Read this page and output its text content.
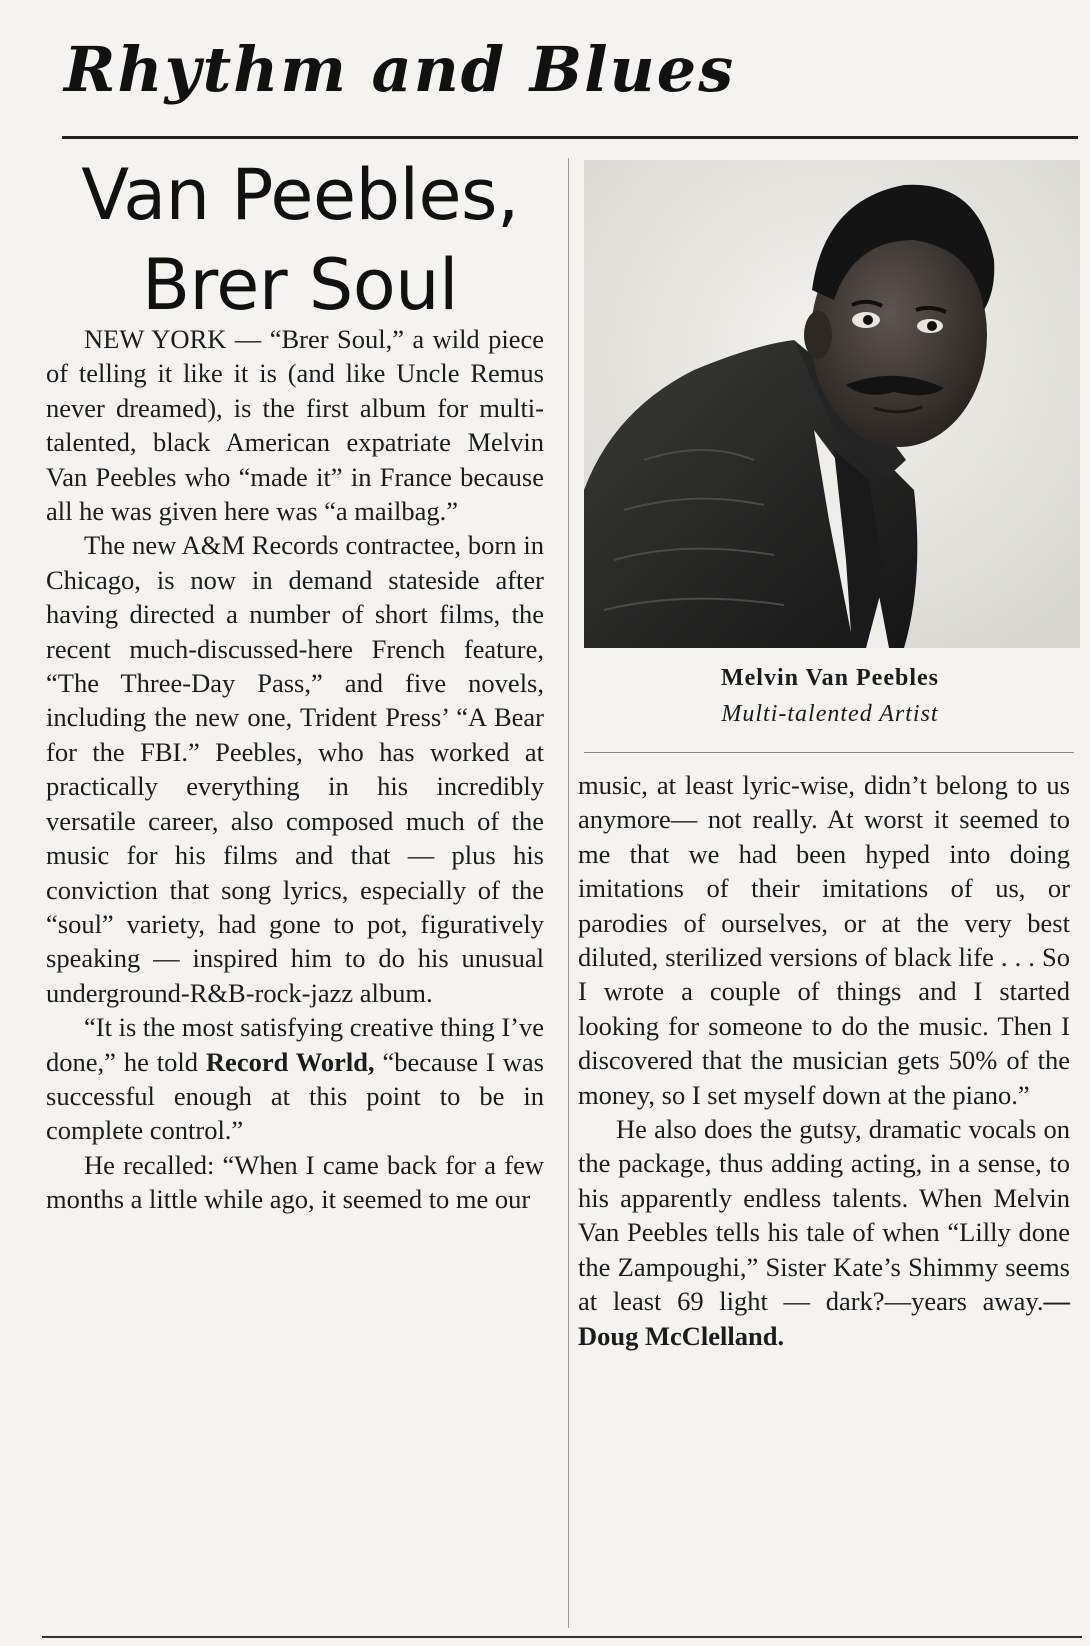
Rhythm and Blues
Van Peebles,
Brer Soul

NEW YORK — “Brer Soul,” a wild piece of telling it like it is (and like Uncle Remus never dreamed), is the first album for multi-talented, black American expatriate Melvin Van Peebles who “made it” in France because all he was given here was “a mailbag.”

The new A&M Records contractee, born in Chicago, is now in demand stateside after having directed a number of short films, the recent much-discussed-here French feature, “The Three-Day Pass,” and five novels, including the new one, Trident Press’ “A Bear for the FBI.” Peebles, who has worked at practically everything in his incredibly versatile career, also composed much of the music for his films and that — plus his conviction that song lyrics, especially of the “soul” variety, had gone to pot, figuratively speaking — inspired him to do his unusual underground-R&B-rock-jazz album.

“It is the most satisfying creative thing I’ve done,” he told Record World, “because I was successful enough at this point to be in complete control.”

He recalled: “When I came back for a few months a little while ago, it seemed to me our

Melvin Van Peebles
Multi-talented Artist

music, at least lyric-wise, didn’t belong to us anymore— not really. At worst it seemed to me that we had been hyped into doing imitations of their imitations of us, or parodies of ourselves, or at the very best diluted, sterilized versions of black life . . . So I wrote a couple of things and I started looking for someone to do the music. Then I discovered that the musician gets 50% of the money, so I set myself down at the piano.”

He also does the gutsy, dramatic vocals on the package, thus adding acting, in a sense, to his apparently endless talents. When Melvin Van Peebles tells his tale of when “Lilly done the Zampoughi,” Sister Kate’s Shimmy seems at least 69 light — dark?—years away.—Doug McClelland.
